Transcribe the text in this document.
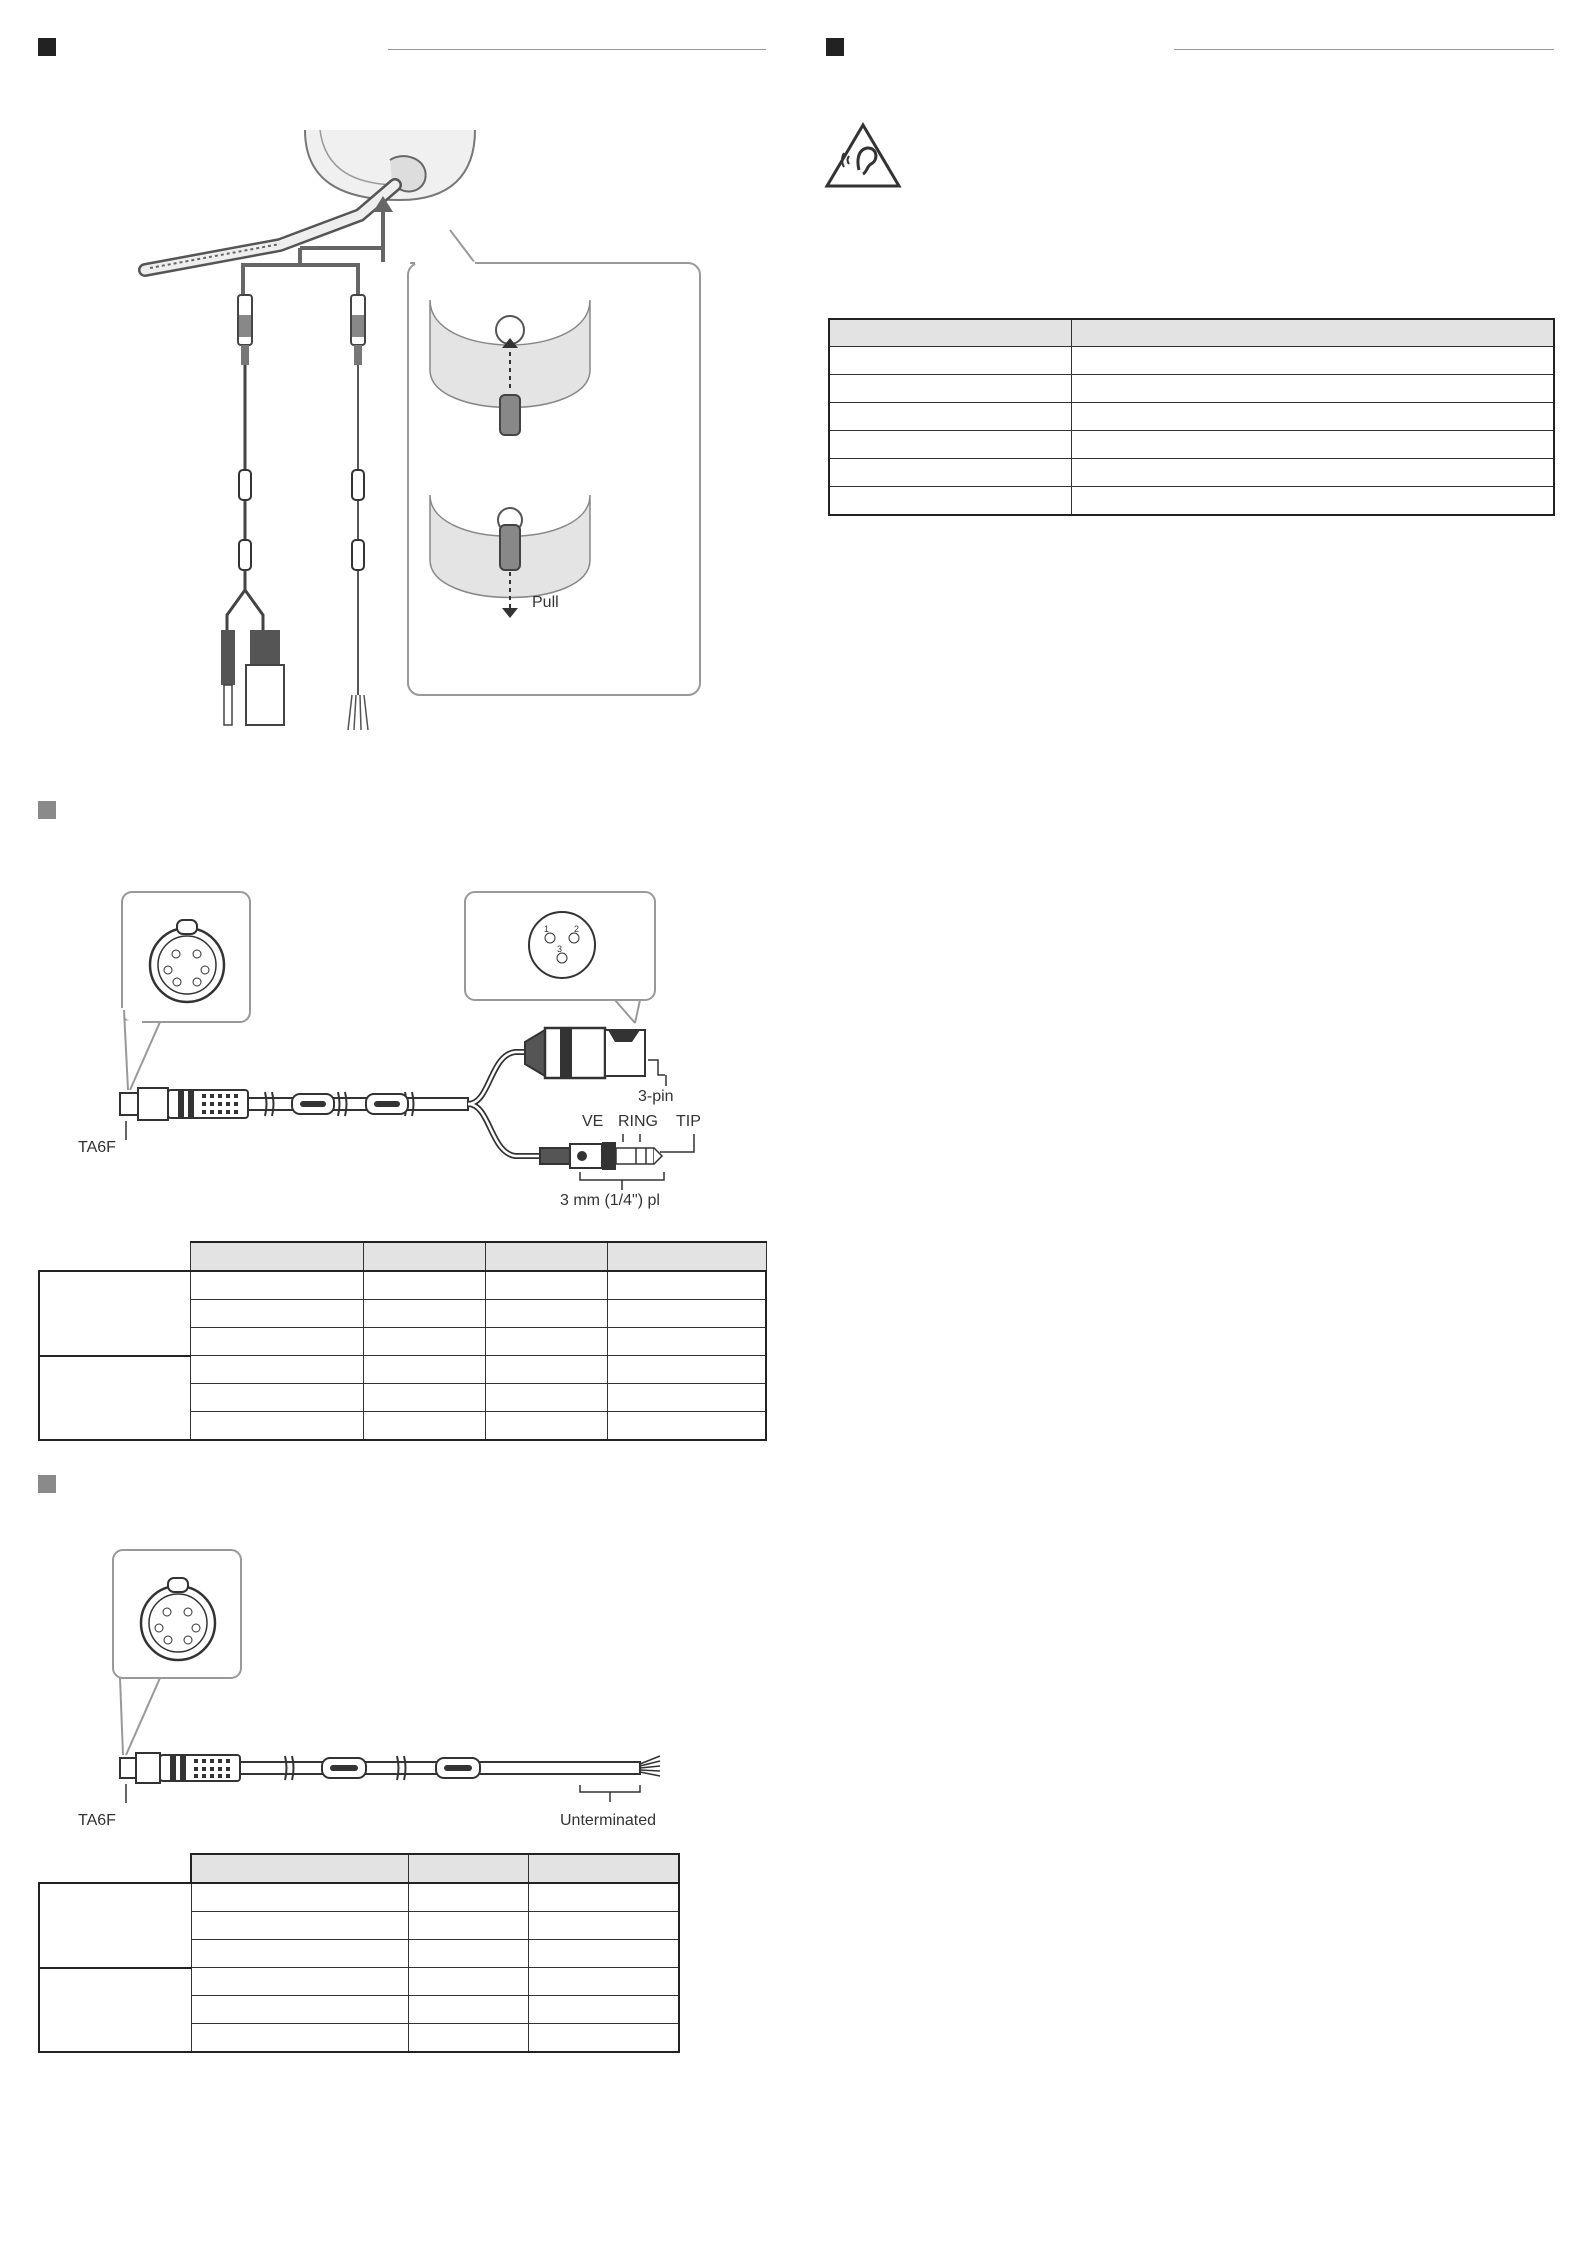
Pull

1	2
3
TA6F
3-pin
VE RING TIP
3 mm (1/4") pl

TA6F	Unterminated
